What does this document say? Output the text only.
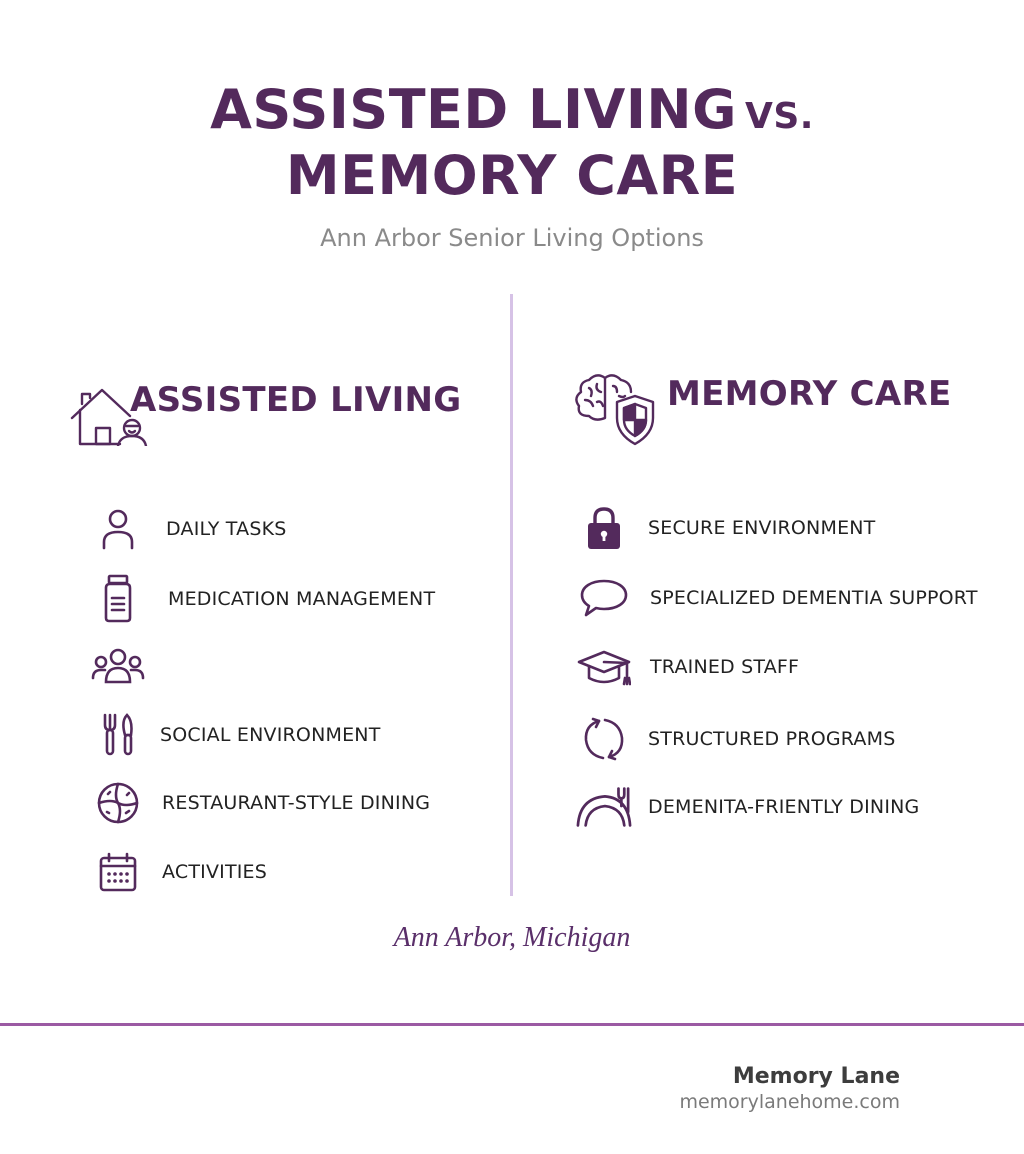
ASSISTED LIVING VS.
MEMORY CARE
Ann Arbor Senior Living Options
ASSISTED LIVING	MEMORY CARE
DAILY TASKS
MEDICATION MANAGEMENT
SOCIAL ENVIRONMENT
RESTAURANT-STYLE DINING
ACTIVITIES
SECURE ENVIRONMENT
SPECIALIZED DEMENTIA SUPPORT
TRAINED STAFF
STRUCTURED PROGRAMS
DEMENITA-FRIENTLY DINING
Ann Arbor, Michigan
Memory Lane
memorylanehome.com
